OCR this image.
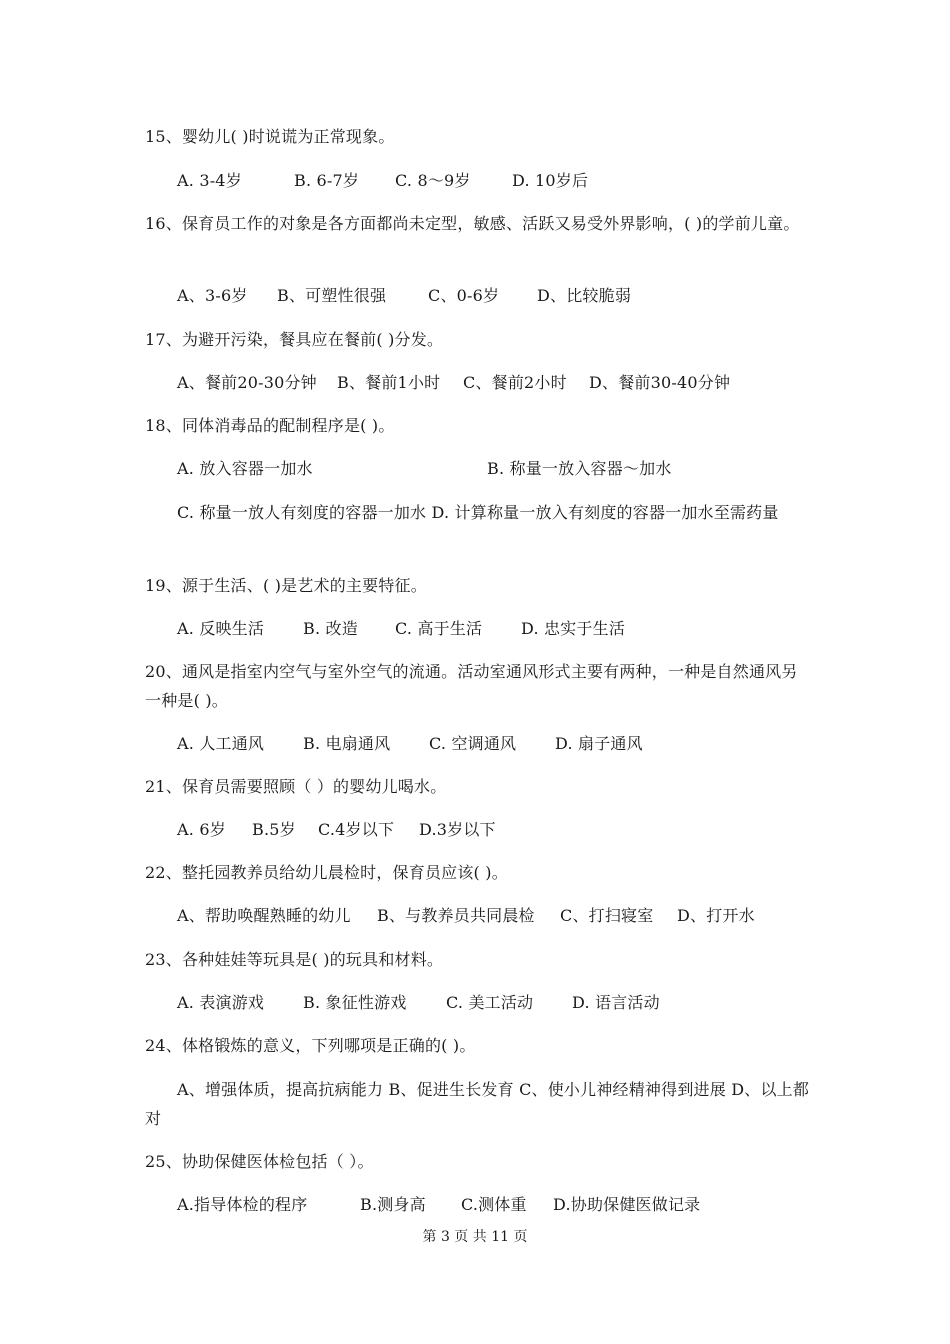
15、婴幼儿( )时说谎为正常现象。
A. 3-4岁	B. 6-7岁 C. 8～9岁	D. 10岁后
16、保育员工作的对象是各方面都尚未定型，敏感、活跃又易受外界影响，( )的学前儿童。
A、3-6岁 B、可塑性很强	C、0-6岁 D、比较脆弱
17、为避开污染，餐具应在餐前( )分发。
A、餐前20-30分钟 B、餐前1小时 C、餐前2小时 D、餐前30-40分钟
18、同体消毒品的配制程序是( )。
A. 放入容器一加水	B. 称量一放入容器～加水
C. 称量一放人有刻度的容器一加水 D. 计算称量一放入有刻度的容器一加水至需药量
19、源于生活、( )是艺术的主要特征。
A. 反映生活 B. 改造 C. 高于生活 D. 忠实于生活
20、通风是指室内空气与室外空气的流通。活动室通风形式主要有两种，一种是自然通风另一种是( )。
A. 人工通风 B. 电扇通风 C. 空调通风 D. 扇子通风
21、保育员需要照顾（ ）的婴幼儿喝水。
A. 6岁 B.5岁 C.4岁以下 D.3岁以下
22、整托园教养员给幼儿晨检时，保育员应该( )。
A、帮助唤醒熟睡的幼儿 B、与教养员共同晨检 C、打扫寝室 D、打开水
23、各种娃娃等玩具是( )的玩具和材料。
A. 表演游戏 B. 象征性游戏 C. 美工活动 D. 语言活动
24、体格锻炼的意义，下列哪项是正确的( )。
A、增强体质，提高抗病能力 B、促进生长发育 C、使小儿神经精神得到进展 D、以上都对
25、协助保健医体检包括（ ）。
A.指导体检的程序	B.测身高 C.测体重 D.协助保健医做记录
第 3 页 共 11 页
